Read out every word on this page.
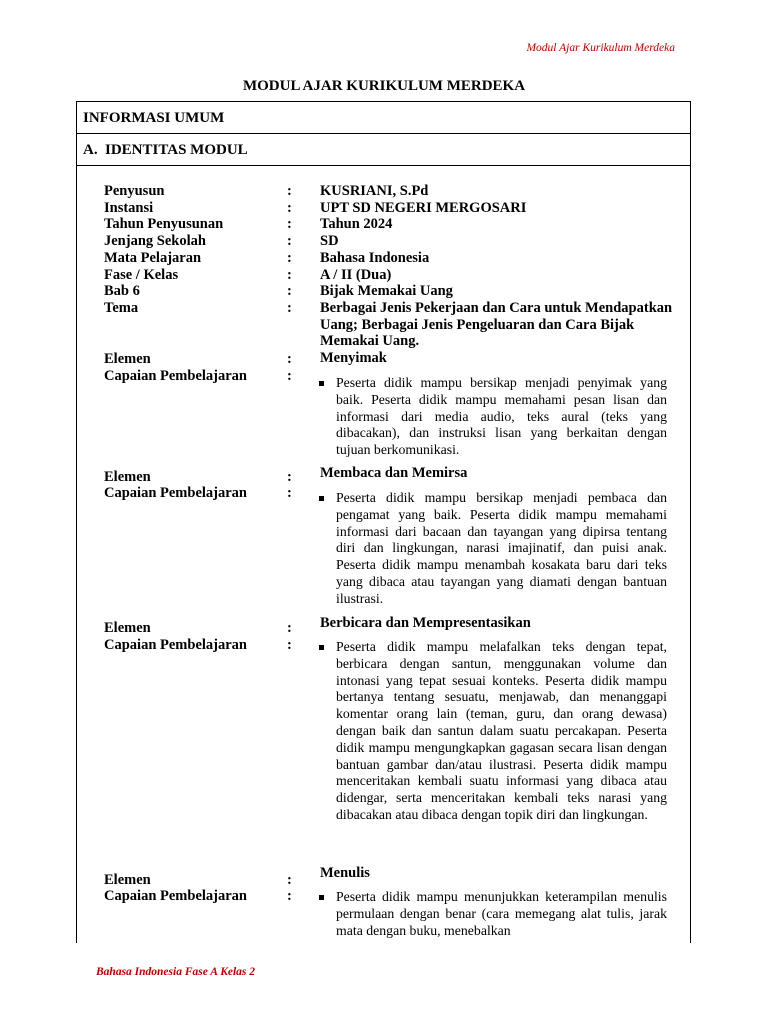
Modul Ajar Kurikulum Merdeka
MODUL AJAR KURIKULUM MERDEKA
INFORMASI UMUM
A. IDENTITAS MODUL
Penyusun	: KUSRIANI, S.Pd
Instansi	: UPT SD NEGERI MERGOSARI
Tahun Penyusunan	: Tahun 2024
Jenjang Sekolah	: SD
Mata Pelajaran	: Bahasa Indonesia
Fase / Kelas	: A / II (Dua)
Bab 6	: Bijak Memakai Uang
Tema	: Berbagai Jenis Pekerjaan dan Cara untuk Mendapatkan Uang; Berbagai Jenis Pengeluaran dan Cara Bijak Memakai Uang.
Elemen	: Menyimak
Capaian Pembelajaran	:	Peserta didik mampu bersikap menjadi penyimak yang baik. Peserta didik mampu memahami pesan lisan dan informasi dari media audio, teks aural (teks yang dibacakan), dan instruksi lisan yang berkaitan dengan tujuan berkomunikasi.
Elemen	: Membaca dan Memirsa
Capaian Pembelajaran	:	Peserta didik mampu bersikap menjadi pembaca dan pengamat yang baik. Peserta didik mampu memahami informasi dari bacaan dan tayangan yang dipirsa tentang diri dan lingkungan, narasi imajinatif, dan puisi anak. Peserta didik mampu menambah kosakata baru dari teks yang dibaca atau tayangan yang diamati dengan bantuan ilustrasi.
Elemen	: Berbicara dan Mempresentasikan
Capaian Pembelajaran	:	Peserta didik mampu melafalkan teks dengan tepat, berbicara dengan santun, menggunakan volume dan intonasi yang tepat sesuai konteks. Peserta didik mampu bertanya tentang sesuatu, menjawab, dan menanggapi komentar orang lain (teman, guru, dan orang dewasa) dengan baik dan santun dalam suatu percakapan. Peserta didik mampu mengungkapkan gagasan secara lisan dengan bantuan gambar dan/atau ilustrasi. Peserta didik mampu menceritakan kembali suatu informasi yang dibaca atau didengar, serta menceritakan kembali teks narasi yang dibacakan atau dibaca dengan topik diri dan lingkungan.
Elemen	: Menulis
Capaian Pembelajaran	:	Peserta didik mampu menunjukkan keterampilan menulis permulaan dengan benar (cara memegang alat tulis, jarak mata dengan buku, menebalkan
Bahasa Indonesia Fase A Kelas 2
